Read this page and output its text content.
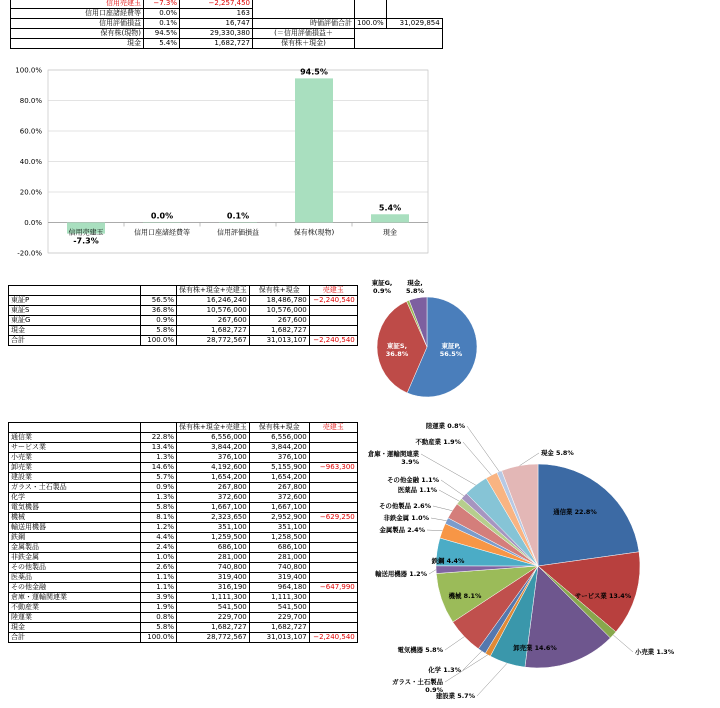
信用売建玉	−7.3%	−2,257,450			
信用口座諸経費等	0.0%	163			
信用評価損益	0.1%	16,747	時価評価合計	100.0%	31,029,854
保有株(現物)	94.5%	29,330,380	(＝信用評価損益＋		
現金	5.4%	1,682,727	保有株＋現金)		
-20.0%
0.0%
20.0%
40.0%
60.0%
80.0%
100.0%
信用売建玉
-7.3%
信用口座諸経費等
0.0%
信用評価損益
0.1%
保有株(現物)
94.5%
現金
5.4%
		保有株+現金+売建玉	保有株+現金	売建玉
東証P	56.5%	16,246,240	18,486,780	−2,240,540
東証S	36.8%	10,576,000	10,576,000	
東証G	0.9%	267,600	267,600	
現金	5.8%	1,682,727	1,682,727	
合計	100.0%	28,772,567	31,013,107	−2,240,540
東証P, 56.5%
東証S, 36.8%
東証G, 0.9%
現金, 5.8%
		保有株+現金+売建玉	保有株+現金	売建玉
通信業	22.8%	6,556,000	6,556,000	
サービス業	13.4%	3,844,200	3,844,200	
小売業	1.3%	376,100	376,100	
卸売業	14.6%	4,192,600	5,155,900	−963,300
建設業	5.7%	1,654,200	1,654,200	
ガラス・土石製品	0.9%	267,800	267,800	
化学	1.3%	372,600	372,600	
電気機器	5.8%	1,667,100	1,667,100	
機械	8.1%	2,323,650	2,952,900	−629,250
輸送用機器	1.2%	351,100	351,100	
鉄鋼	4.4%	1,259,500	1,258,500	
金属製品	2.4%	686,100	686,100	
非鉄金属	1.0%	281,000	281,000	
その他製品	2.6%	740,800	740,800	
医薬品	1.1%	319,400	319,400	
その他金融	1.1%	316,190	964,180	−647,990
倉庫・運輸関連業	3.9%	1,111,300	1,111,300	
不動産業	1.9%	541,500	541,500	
陸運業	0.8%	229,700	229,700	
現金	5.8%	1,682,727	1,682,727	
合計	100.0%	28,772,567	31,013,107	−2,240,540
通信業 22.8%
サービス業 13.4%
小売業 1.3%
卸売業 14.6%
建設業 5.7%
ガラス・土石製品 0.9%
化学 1.3%
電気機器 5.8%
機械 8.1%
輸送用機器 1.2%
鉄鋼 4.4%
金属製品 2.4%
非鉄金属 1.0%
その他製品 2.6%
医薬品 1.1%
その他金融 1.1%
倉庫・運輸関連業 3.9%
不動産業 1.9%
陸運業 0.8%
現金 5.8%
